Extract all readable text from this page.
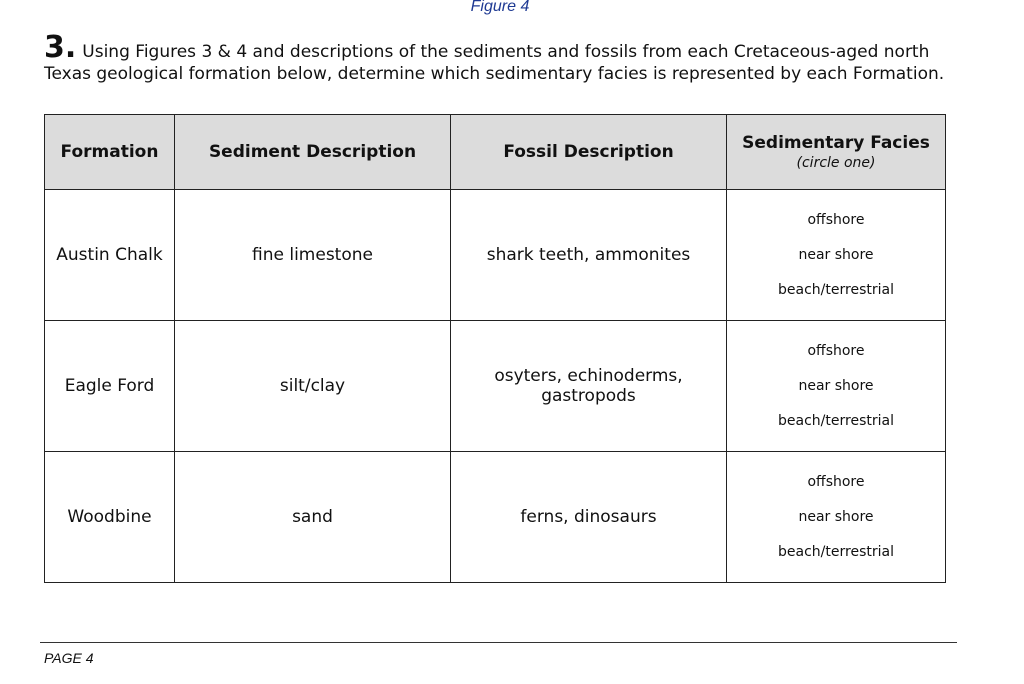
Figure 4
3. Using Figures 3 & 4 and descriptions of the sediments and fossils from each Cretaceous-aged north Texas geological formation below, determine which sedimentary facies is represented by each Formation.
Formation	Sediment Description	Fossil Description	Sedimentary Facies
(circle one)

Austin Chalk	fine limestone	shark teeth, ammonites	offshore
near shore
beach/terrestrial

Eagle Ford	silt/clay	osyters, echinoderms, gastropods	offshore
near shore
beach/terrestrial

Woodbine	sand	ferns, dinosaurs	offshore
near shore
beach/terrestrial
PAGE 4
